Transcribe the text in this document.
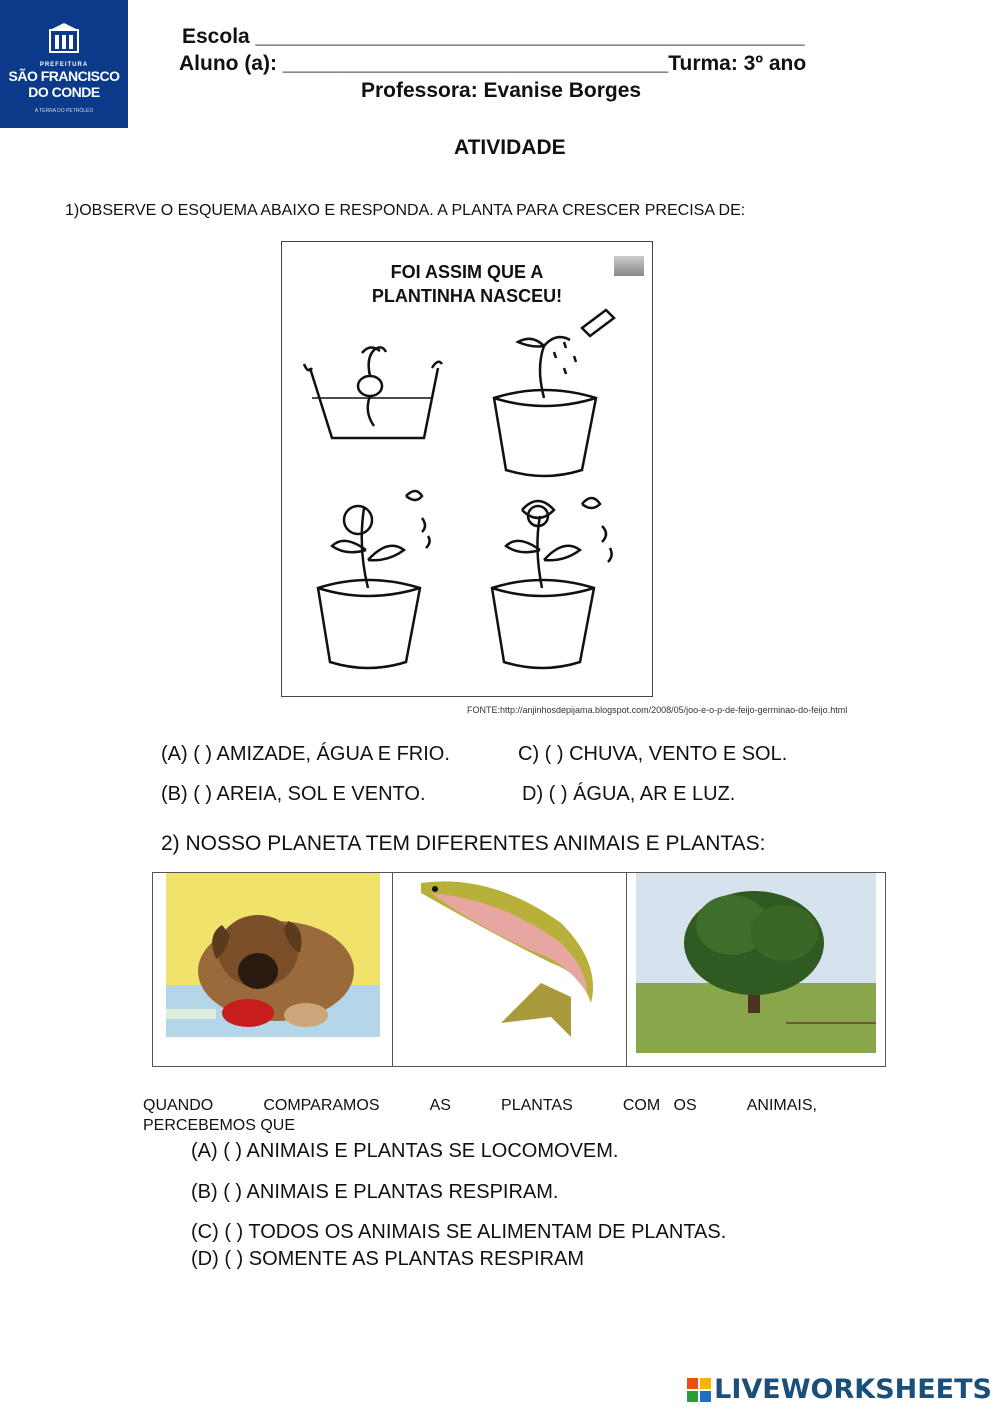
PREFEITURA
SÃO FRANCISCO
DO CONDE
A TERRA DO PETRÓLEO
Escola _______________________________________________
Aluno (a): _________________________________Turma: 3º ano
Professora: Evanise Borges
ATIVIDADE
1)OBSERVE O ESQUEMA ABAIXO E RESPONDA. A PLANTA PARA CRESCER PRECISA DE:
FOI ASSIM QUE A
PLANTINHA NASCEU!
FONTE:http://anjinhosdepijama.blogspot.com/2008/05/joo-e-o-p-de-feijo-germinao-do-feijo.html
(A) ( ) AMIZADE, ÁGUA E FRIO.	C) ( ) CHUVA, VENTO E SOL.
(B) ( ) AREIA, SOL E VENTO.	D) ( ) ÁGUA, AR E LUZ.
2) NOSSO PLANETA TEM DIFERENTES ANIMAIS E PLANTAS:
QUANDO	COMPARAMOS	AS	PLANTAS	COM   OS	ANIMAIS,
PERCEBEMOS QUE
(A) ( ) ANIMAIS E PLANTAS SE LOCOMOVEM.
(B) ( ) ANIMAIS E PLANTAS RESPIRAM.
(C) ( ) TODOS OS ANIMAIS SE ALIMENTAM DE PLANTAS.
(D) ( ) SOMENTE AS PLANTAS RESPIRAM
LIVEWORKSHEETS
